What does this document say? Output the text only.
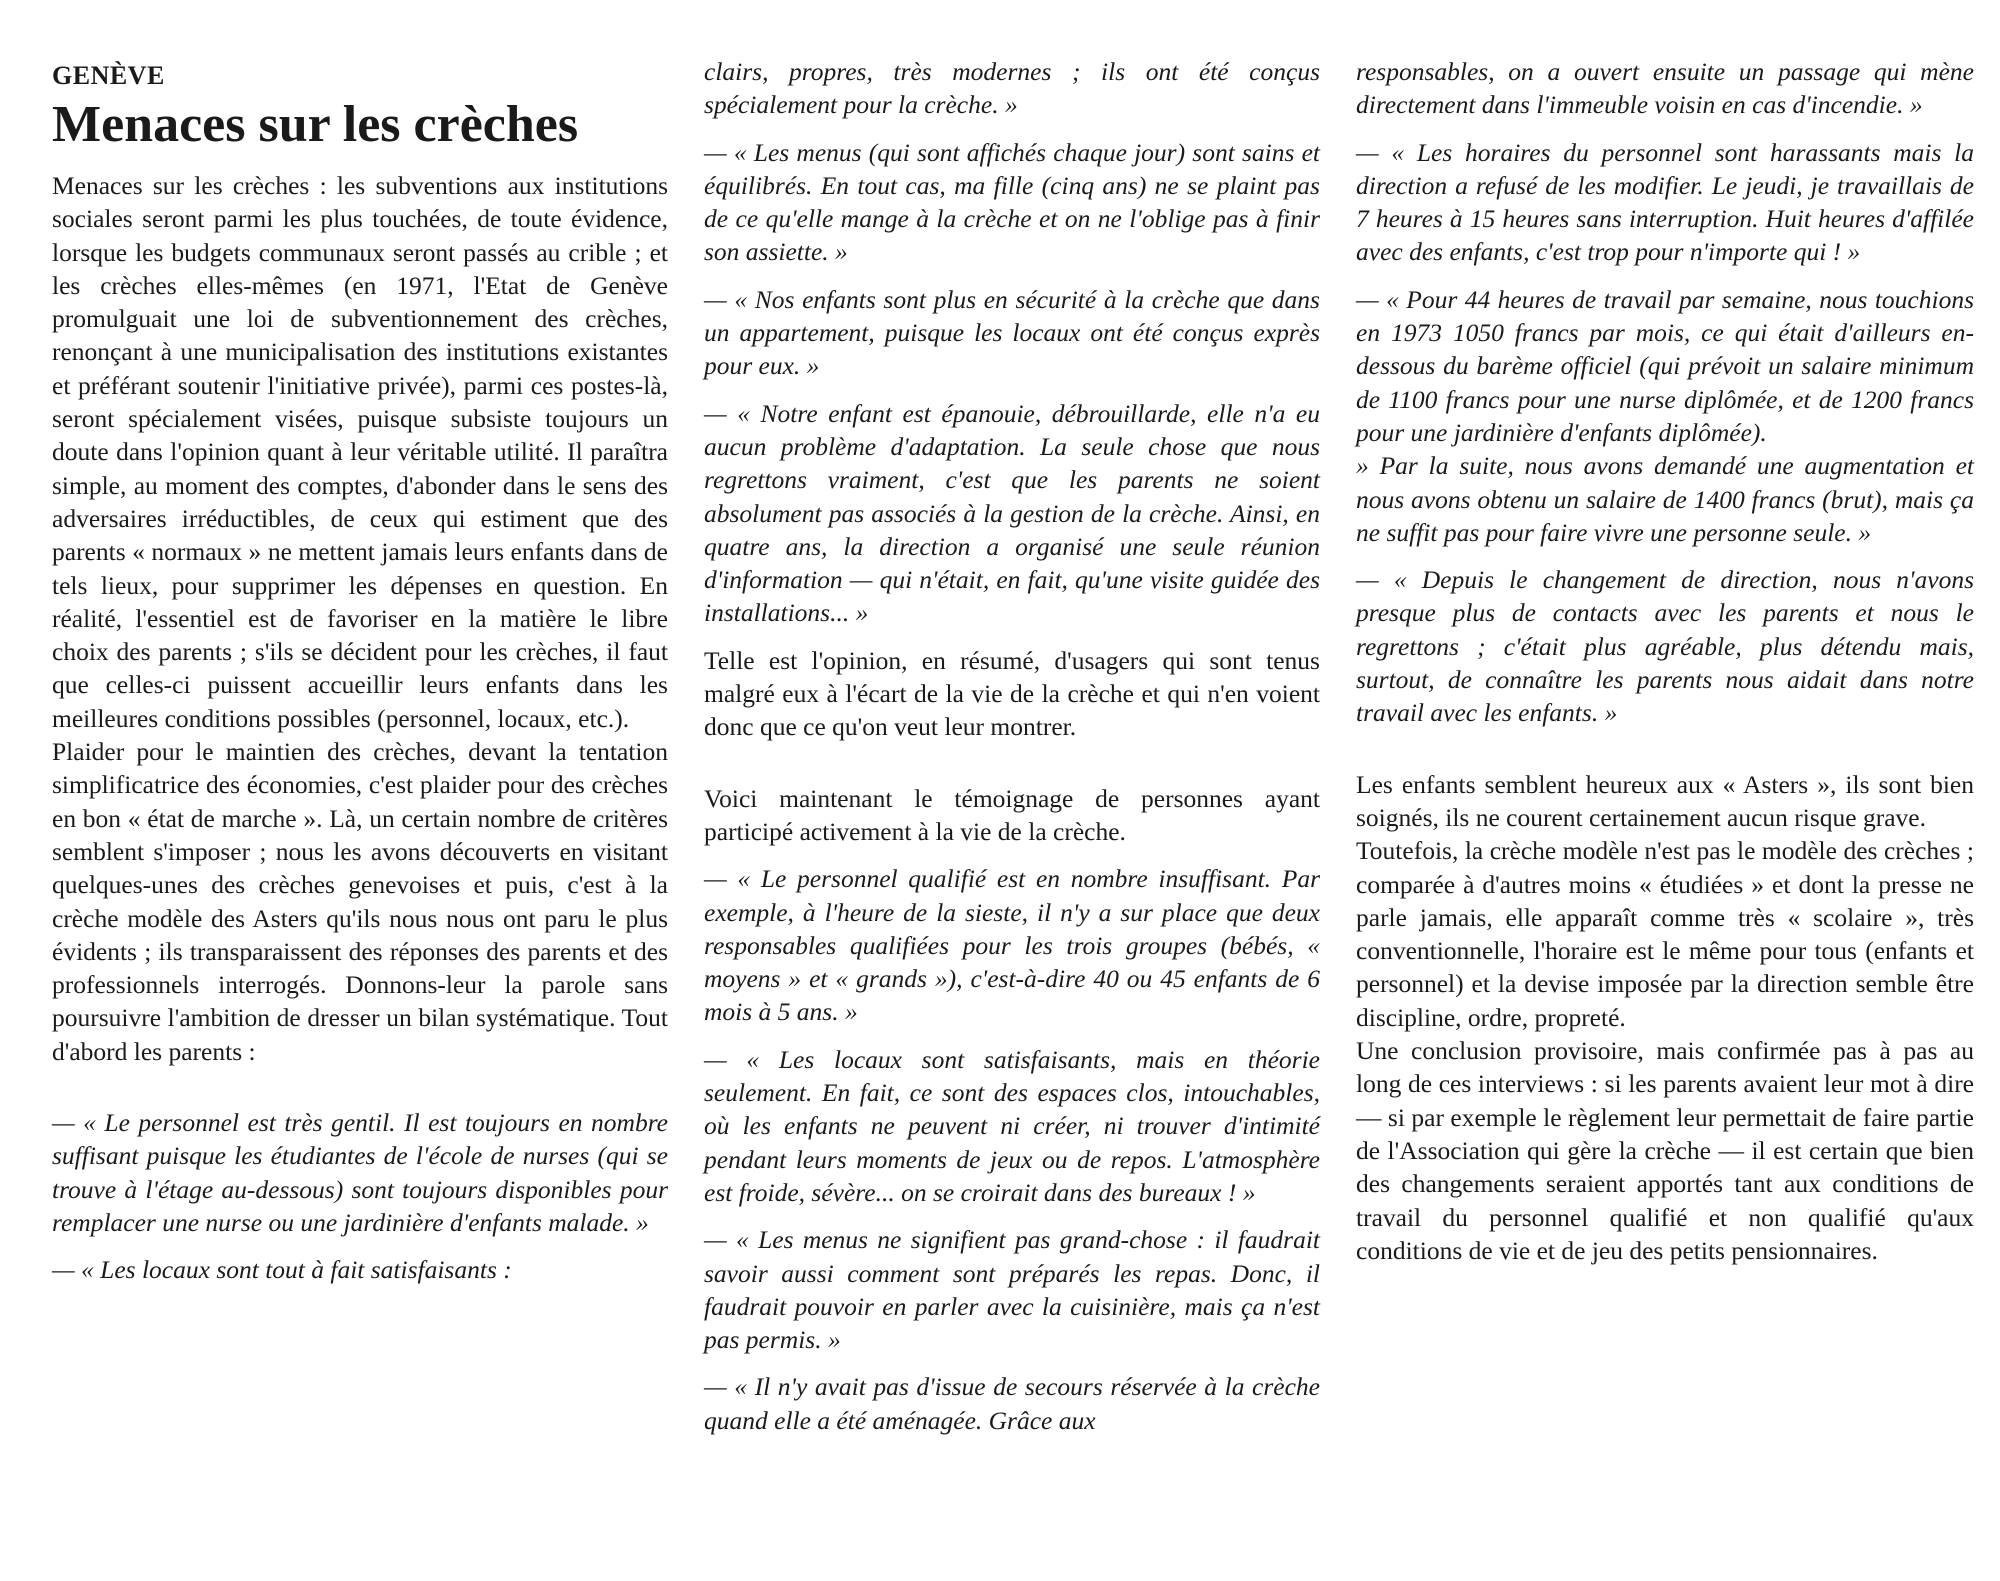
GENÈVE
Menaces sur les crèches

Menaces sur les crèches : les subventions aux institutions sociales seront parmi les plus touchées, de toute évidence, lorsque les budgets communaux seront passés au crible ; et les crèches elles-mêmes (en 1971, l'Etat de Genève promulguait une loi de subventionnement des crèches, renonçant à une municipalisation des institutions existantes et préférant soutenir l'initiative privée), parmi ces postes-là, seront spécialement visées, puisque subsiste toujours un doute dans l'opinion quant à leur véritable utilité. Il paraîtra simple, au moment des comptes, d'abonder dans le sens des adversaires irréductibles, de ceux qui estiment que des parents « normaux » ne mettent jamais leurs enfants dans de tels lieux, pour supprimer les dépenses en question. En réalité, l'essentiel est de favoriser en la matière le libre choix des parents ; s'ils se décident pour les crèches, il faut que celles-ci puissent accueillir leurs enfants dans les meilleures conditions possibles (personnel, locaux, etc.).

Plaider pour le maintien des crèches, devant la tentation simplificatrice des économies, c'est plaider pour des crèches en bon « état de marche ». Là, un certain nombre de critères semblent s'imposer ; nous les avons découverts en visitant quelques-unes des crèches genevoises et puis, c'est à la crèche modèle des Asters qu'ils nous nous ont paru le plus évidents ; ils transparaissent des réponses des parents et des professionnels interrogés. Donnons-leur la parole sans poursuivre l'ambition de dresser un bilan systématique. Tout d'abord les parents :

— « Le personnel est très gentil. Il est toujours en nombre suffisant puisque les étudiantes de l'école de nurses (qui se trouve à l'étage au-dessous) sont toujours disponibles pour remplacer une nurse ou une jardinière d'enfants malade. »

— « Les locaux sont tout à fait satisfaisants :

clairs, propres, très modernes ; ils ont été conçus spécialement pour la crèche. »

— « Les menus (qui sont affichés chaque jour) sont sains et équilibrés. En tout cas, ma fille (cinq ans) ne se plaint pas de ce qu'elle mange à la crèche et on ne l'oblige pas à finir son assiette. »

— « Nos enfants sont plus en sécurité à la crèche que dans un appartement, puisque les locaux ont été conçus exprès pour eux. »

— « Notre enfant est épanouie, débrouillarde, elle n'a eu aucun problème d'adaptation. La seule chose que nous regrettons vraiment, c'est que les parents ne soient absolument pas associés à la gestion de la crèche. Ainsi, en quatre ans, la direction a organisé une seule réunion d'information — qui n'était, en fait, qu'une visite guidée des installations... »

Telle est l'opinion, en résumé, d'usagers qui sont tenus malgré eux à l'écart de la vie de la crèche et qui n'en voient donc que ce qu'on veut leur montrer.

Voici maintenant le témoignage de personnes ayant participé activement à la vie de la crèche.

— « Le personnel qualifié est en nombre insuffisant. Par exemple, à l'heure de la sieste, il n'y a sur place que deux responsables qualifiées pour les trois groupes (bébés, « moyens » et « grands »), c'est-à-dire 40 ou 45 enfants de 6 mois à 5 ans. »

— « Les locaux sont satisfaisants, mais en théorie seulement. En fait, ce sont des espaces clos, intouchables, où les enfants ne peuvent ni créer, ni trouver d'intimité pendant leurs moments de jeux ou de repos. L'atmosphère est froide, sévère... on se croirait dans des bureaux ! »

— « Les menus ne signifient pas grand-chose : il faudrait savoir aussi comment sont préparés les repas. Donc, il faudrait pouvoir en parler avec la cuisinière, mais ça n'est pas permis. »

— « Il n'y avait pas d'issue de secours réservée à la crèche quand elle a été aménagée. Grâce aux

responsables, on a ouvert ensuite un passage qui mène directement dans l'immeuble voisin en cas d'incendie. »

— « Les horaires du personnel sont harassants mais la direction a refusé de les modifier. Le jeudi, je travaillais de 7 heures à 15 heures sans interruption. Huit heures d'affilée avec des enfants, c'est trop pour n'importe qui ! »

— « Pour 44 heures de travail par semaine, nous touchions en 1973 1050 francs par mois, ce qui était d'ailleurs en-dessous du barème officiel (qui prévoit un salaire minimum de 1100 francs pour une nurse diplômée, et de 1200 francs pour une jardinière d'enfants diplômée).

» Par la suite, nous avons demandé une augmentation et nous avons obtenu un salaire de 1400 francs (brut), mais ça ne suffit pas pour faire vivre une personne seule. »

— « Depuis le changement de direction, nous n'avons presque plus de contacts avec les parents et nous le regrettons ; c'était plus agréable, plus détendu mais, surtout, de connaître les parents nous aidait dans notre travail avec les enfants. »

Les enfants semblent heureux aux « Asters », ils sont bien soignés, ils ne courent certainement aucun risque grave.

Toutefois, la crèche modèle n'est pas le modèle des crèches ; comparée à d'autres moins « étudiées » et dont la presse ne parle jamais, elle apparaît comme très « scolaire », très conventionnelle, l'horaire est le même pour tous (enfants et personnel) et la devise imposée par la direction semble être discipline, ordre, propreté.

Une conclusion provisoire, mais confirmée pas à pas au long de ces interviews : si les parents avaient leur mot à dire — si par exemple le règlement leur permettait de faire partie de l'Association qui gère la crèche — il est certain que bien des changements seraient apportés tant aux conditions de travail du personnel qualifié et non qualifié qu'aux conditions de vie et de jeu des petits pensionnaires.
